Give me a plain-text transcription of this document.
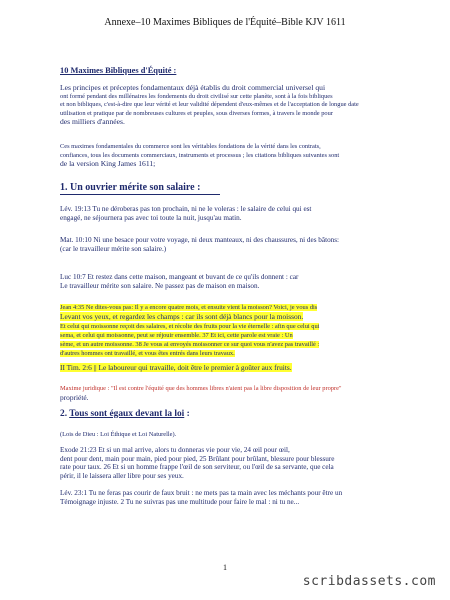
Annexe–10 Maximes Bibliques de l'Équité–Bible KJV 1611
10 Maximes Bibliques d'Équité :
Les principes et préceptes fondamentaux déjà établis du droit commercial universel qui
ont formé pendant des millénaires les fondements du droit civilisé sur cette planète, sont à la fois bibliques
et non bibliques, c'est-à-dire que leur vérité et leur validité dépendent d'eux-mêmes et de l'acceptation de longue date
utilisation et pratique par de nombreuses cultures et peuples, sous diverses formes, à travers le monde pour
des milliers d'années.
Ces maximes fondamentales du commerce sont les véritables fondations de la vérité dans les contrats,
confiances, tous les documents commerciaux, instruments et processus ; les citations bibliques suivantes sont
de la version King James 1611;
1. Un ouvrier mérite son salaire :
Lév. 19:13 Tu ne déroberas pas ton prochain, ni ne le voleras : le salaire de celui qui est
engagé, ne séjournera pas avec toi toute la nuit, jusqu'au matin.
Mat. 10:10 Ni une besace pour votre voyage, ni deux manteaux, ni des chaussures, ni des bâtons:
(car le travailleur mérite son salaire.)
Luc 10:7 Et restez dans cette maison, mangeant et buvant de ce qu'ils donnent : car
Le travailleur mérite son salaire. Ne passez pas de maison en maison.
Jean 4:35 Ne dites-vous pas: Il y a encore quatre mois, et ensuite vient la moisson? Voici, je vous dis
Levant vos yeux, et regardez les champs : car ils sont déjà blancs pour la moisson.
Et celui qui moissonne reçoit des salaires, et récolte des fruits pour la vie éternelle : afin que celui qui
sema, et celui qui moissonne, peut se réjouir ensemble. 37 Et ici, cette parole est vraie : Un
sème, et un autre moissonne. 38 Je vous ai envoyés moissonner ce sur quoi vous n'avez pas travaillé :
d'autres hommes ont travaillé, et vous êtes entrés dans leurs travaux.
II Tim. 2:6 || Le laboureur qui travaille, doit être le premier à goûter aux fruits.
Maxime juridique : "Il est contre l'équité que des hommes libres n'aient pas la libre disposition de leur propre"
propriété.
2. Tous sont égaux devant la loi :
(Lois de Dieu : Loi Éthique et Loi Naturelle).
Exode 21:23 Et si un mal arrive, alors tu donneras vie pour vie, 24 œil pour œil,
dent pour dent, main pour main, pied pour pied, 25 Brûlant pour brûlant, blessure pour blessure
rate pour taux. 26 Et si un homme frappe l'œil de son serviteur, ou l'œil de sa servante, que cela
périr, il le laissera aller libre pour ses yeux.
Lév. 23:1 Tu ne feras pas courir de faux bruit : ne mets pas ta main avec les méchants pour être un
Témoignage injuste. 2 Tu ne suivras pas une multitude pour faire le mal : ni tu ne...
1
scribdassets.com
